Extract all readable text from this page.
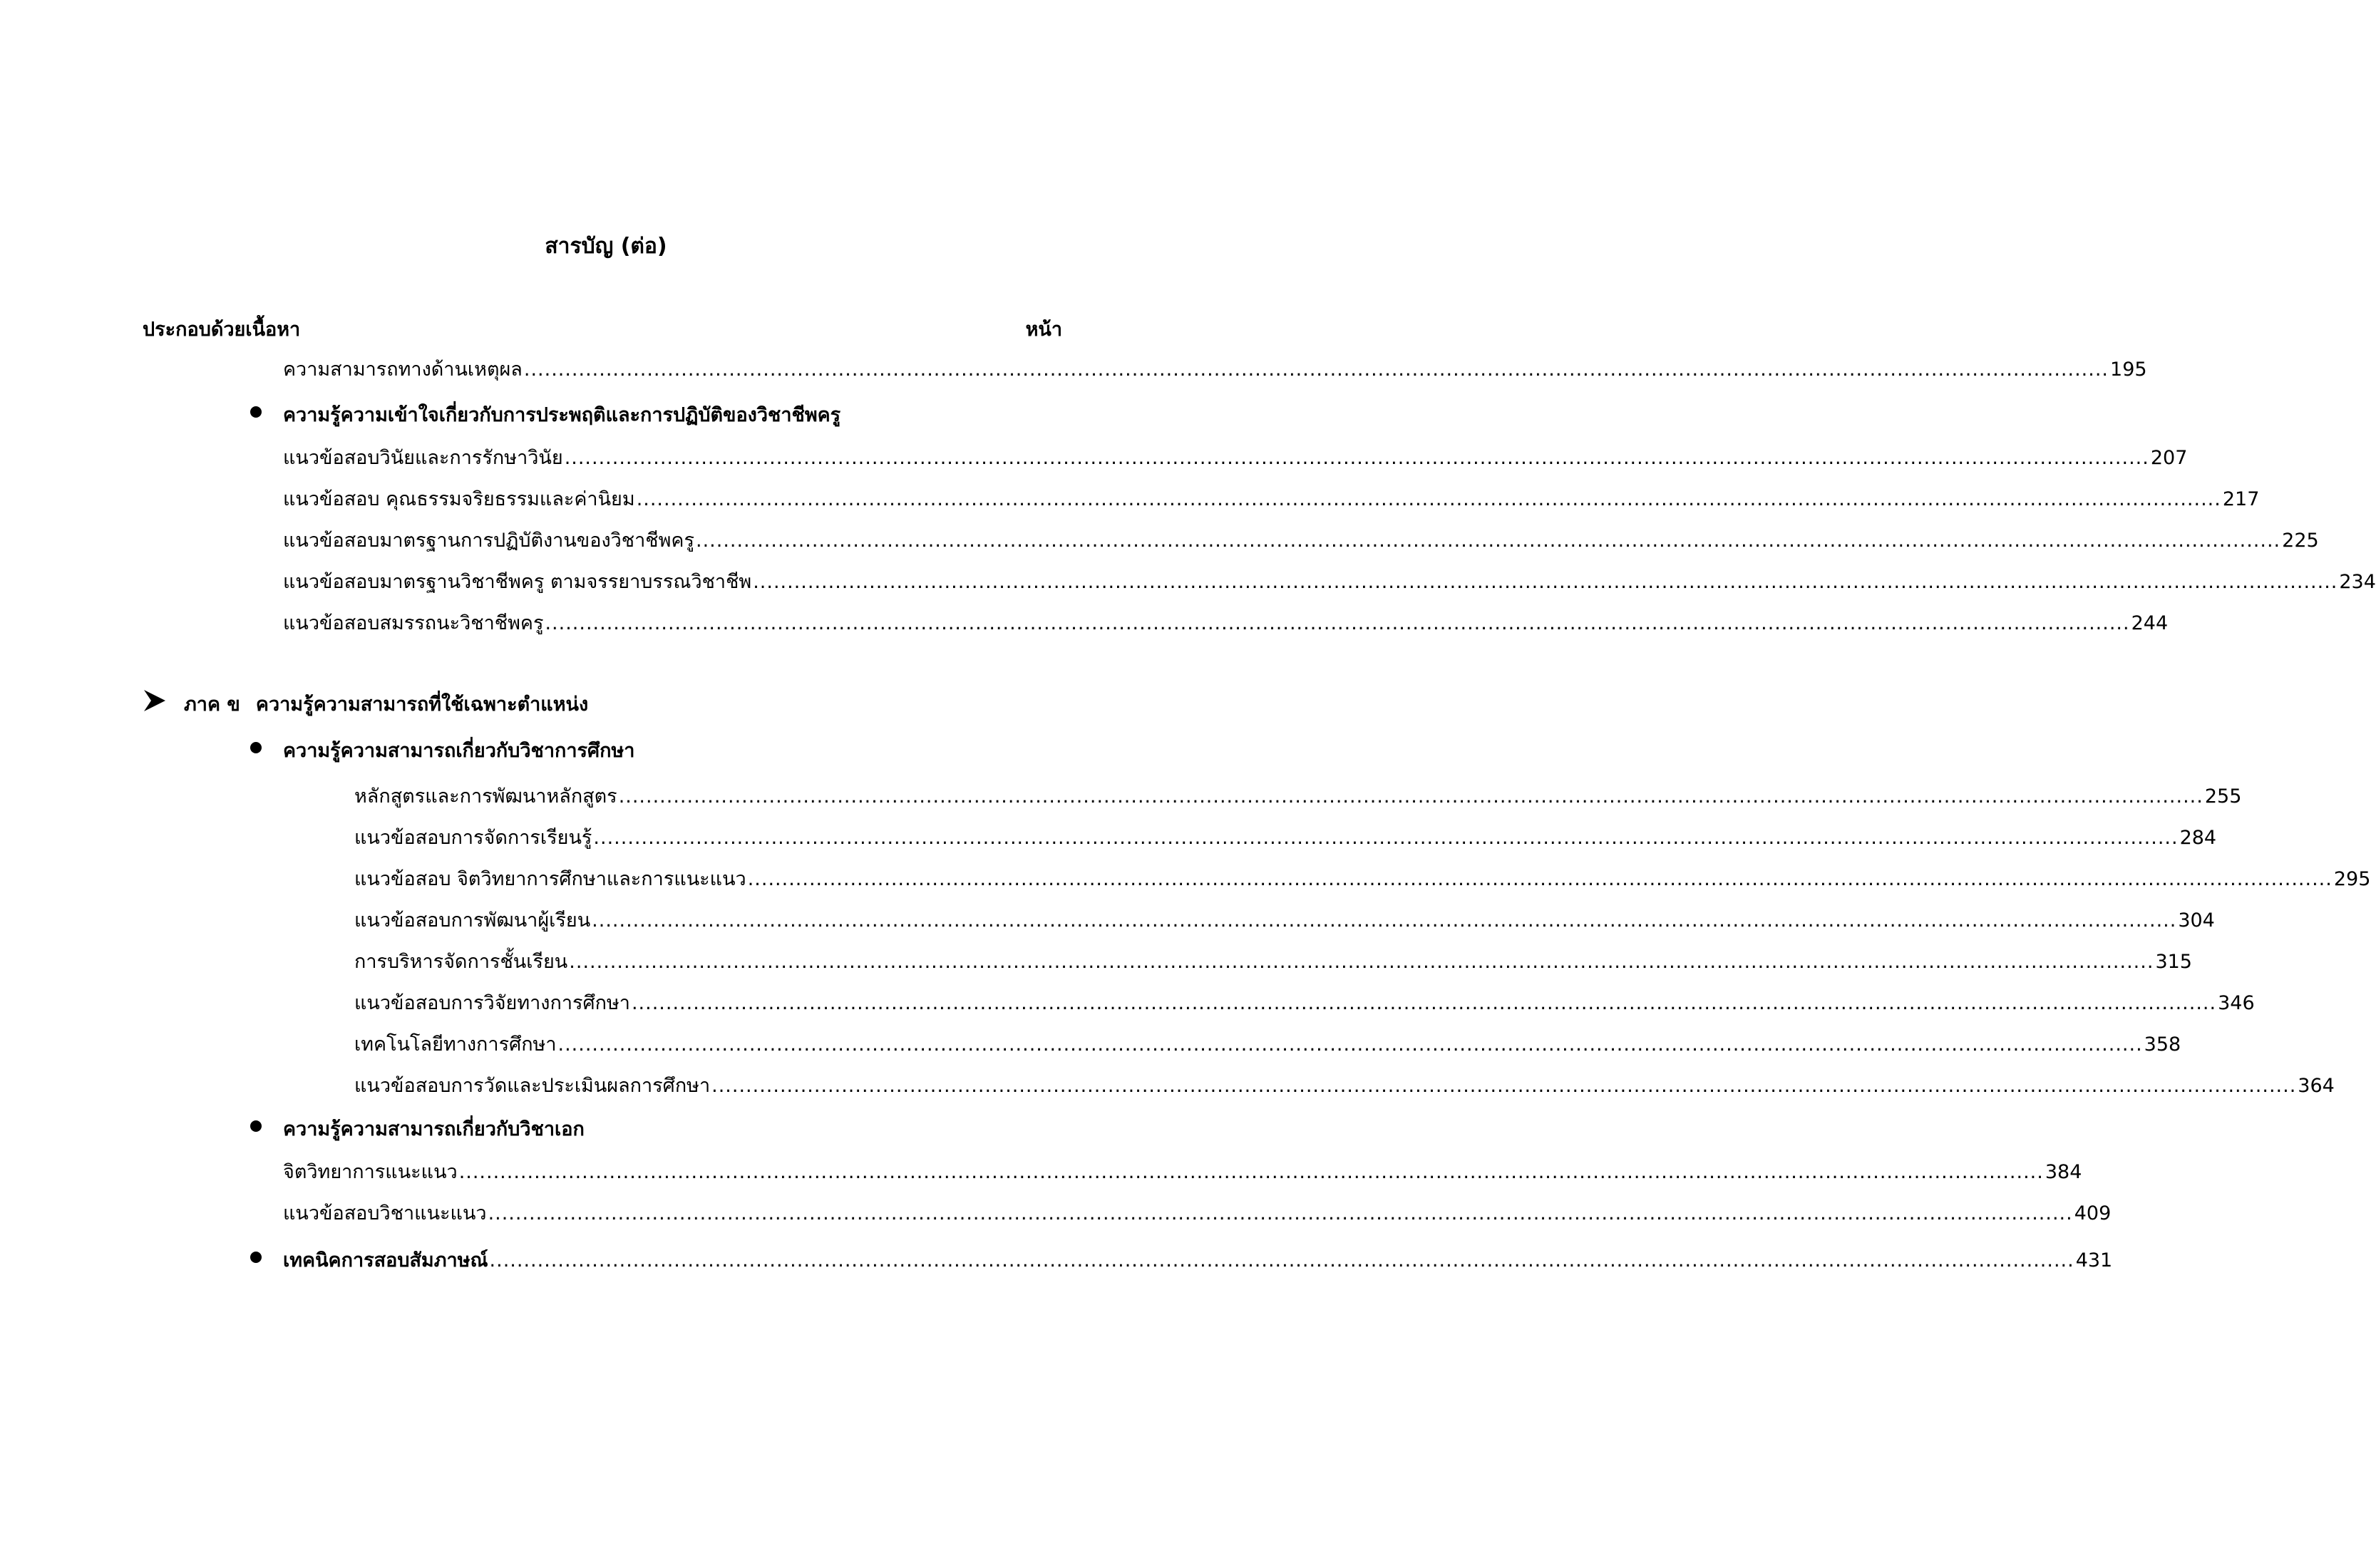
สารบัญ (ต่อ)
ประกอบด้วยเนื้อหา	หน้า
ความสามารถทางด้านเหตุผล ........................................................................................................................................................................................................................................ 195
ความรู้ความเข้าใจเกี่ยวกับการประพฤติและการปฏิบัติของวิชาชีพครู
แนวข้อสอบวินัยและการรักษาวินัย ........................................................................................................................................................................................................................................ 207
แนวข้อสอบ คุณธรรมจริยธรรมและค่านิยม ........................................................................................................................................................................................................................................ 217
แนวข้อสอบมาตรฐานการปฏิบัติงานของวิชาชีพครู ........................................................................................................................................................................................................................................ 225
แนวข้อสอบมาตรฐานวิชาชีพครู ตามจรรยาบรรณวิชาชีพ ........................................................................................................................................................................................................................................ 234
แนวข้อสอบสมรรถนะวิชาชีพครู ........................................................................................................................................................................................................................................ 244
ภาค ข ความรู้ความสามารถที่ใช้เฉพาะตำแหน่ง
ความรู้ความสามารถเกี่ยวกับวิชาการศึกษา
หลักสูตรและการพัฒนาหลักสูตร ........................................................................................................................................................................................................................................ 255
แนวข้อสอบการจัดการเรียนรู้ ........................................................................................................................................................................................................................................ 284
แนวข้อสอบ จิตวิทยาการศึกษาและการแนะแนว ........................................................................................................................................................................................................................................ 295
แนวข้อสอบการพัฒนาผู้เรียน ........................................................................................................................................................................................................................................ 304
การบริหารจัดการชั้นเรียน ........................................................................................................................................................................................................................................ 315
แนวข้อสอบการวิจัยทางการศึกษา ........................................................................................................................................................................................................................................ 346
เทคโนโลยีทางการศึกษา ........................................................................................................................................................................................................................................ 358
แนวข้อสอบการวัดและประเมินผลการศึกษา ........................................................................................................................................................................................................................................ 364
ความรู้ความสามารถเกี่ยวกับวิชาเอก
จิตวิทยาการแนะแนว ........................................................................................................................................................................................................................................ 384
แนวข้อสอบวิชาแนะแนว ........................................................................................................................................................................................................................................ 409
เทคนิคการสอบสัมภาษณ์ ........................................................................................................................................................................................................................................ 431
